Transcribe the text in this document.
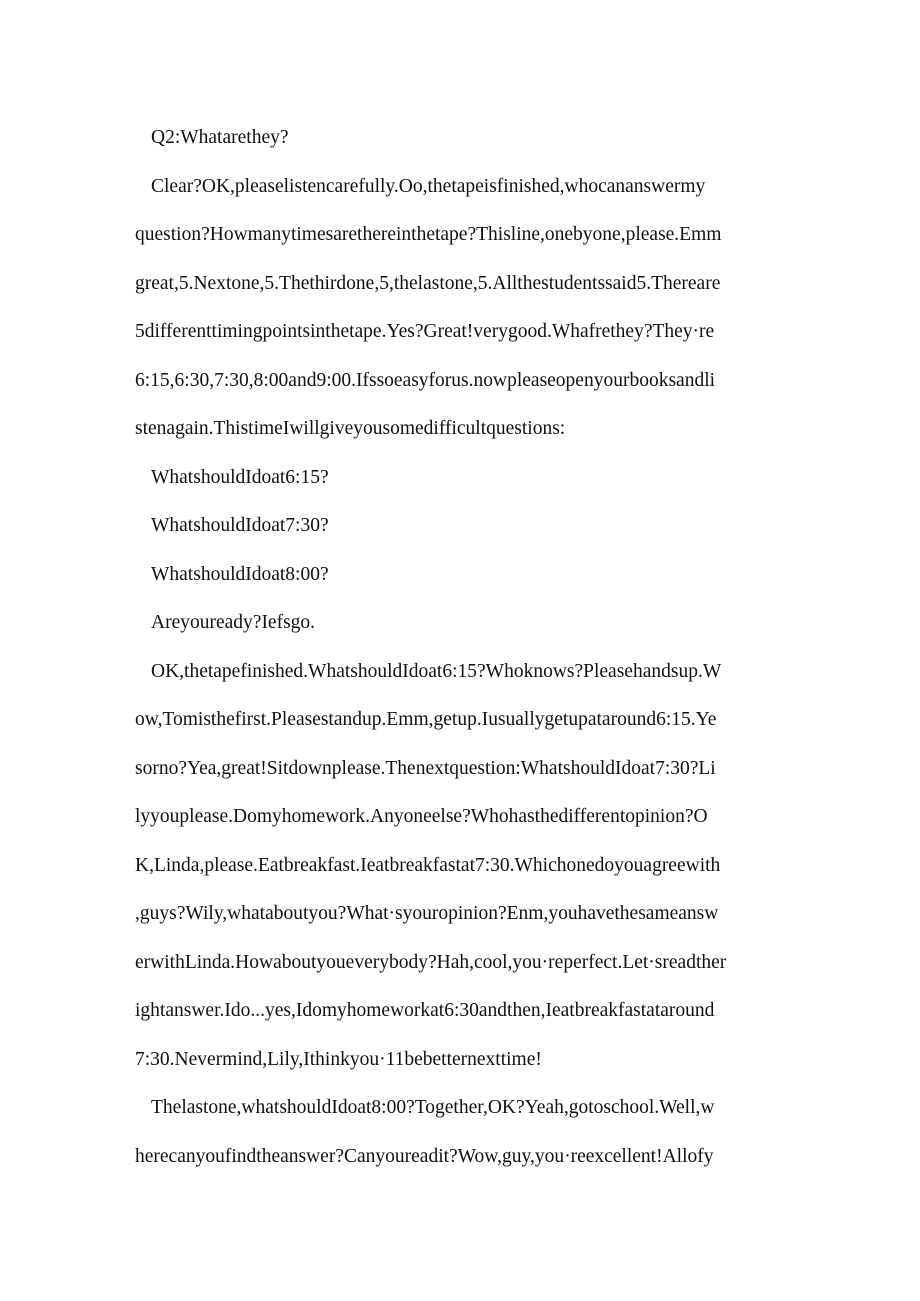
Q2:Whatarethey?
Clear?OK,pleaselistencarefully.Oo,thetapeisfinished,whocananswermy
question?Howmanytimesarethereinthetape?Thisline,onebyone,please.Emm
great,5.Nextone,5.Thethirdone,5,thelastone,5.Allthestudentssaid5.Thereare
5differenttimingpointsinthetape.Yes?Great!verygood.Whafrethey?They·re
6:15,6:30,7:30,8:00and9:00.Ifssoeasyforus.nowpleaseopenyourbooksandli
stenagain.ThistimeIwillgiveyousomedifficultquestions:
WhatshouldIdoat6:15?
WhatshouldIdoat7:30?
WhatshouldIdoat8:00?
Areyouready?Iefsgo.
OK,thetapefinished.WhatshouldIdoat6:15?Whoknows?Pleasehandsup.W
ow,Tomisthefirst.Pleasestandup.Emm,getup.Iusuallygetupataround6:15.Ye
sorno?Yea,great!Sitdownplease.Thenextquestion:WhatshouldIdoat7:30?Li
lyyouplease.Domyhomework.Anyoneelse?Whohasthedifferentopinion?O
K,Linda,please.Eatbreakfast.Ieatbreakfastat7:30.Whichonedoyouagreewith
,guys?Wily,whataboutyou?What·syouropinion?Enm,youhavethesameansw
erwithLinda.Howaboutyoueverybody?Hah,cool,you·reperfect.Let·sreadther
ightanswer.Ido...yes,Idomyhomeworkat6:30andthen,Ieatbreakfastataround
7:30.Nevermind,Lily,Ithinkyou·11bebetternexttime!
Thelastone,whatshouldIdoat8:00?Together,OK?Yeah,gotoschool.Well,w
herecanyoufindtheanswer?Canyoureadit?Wow,guy,you·reexcellent!Allofy
